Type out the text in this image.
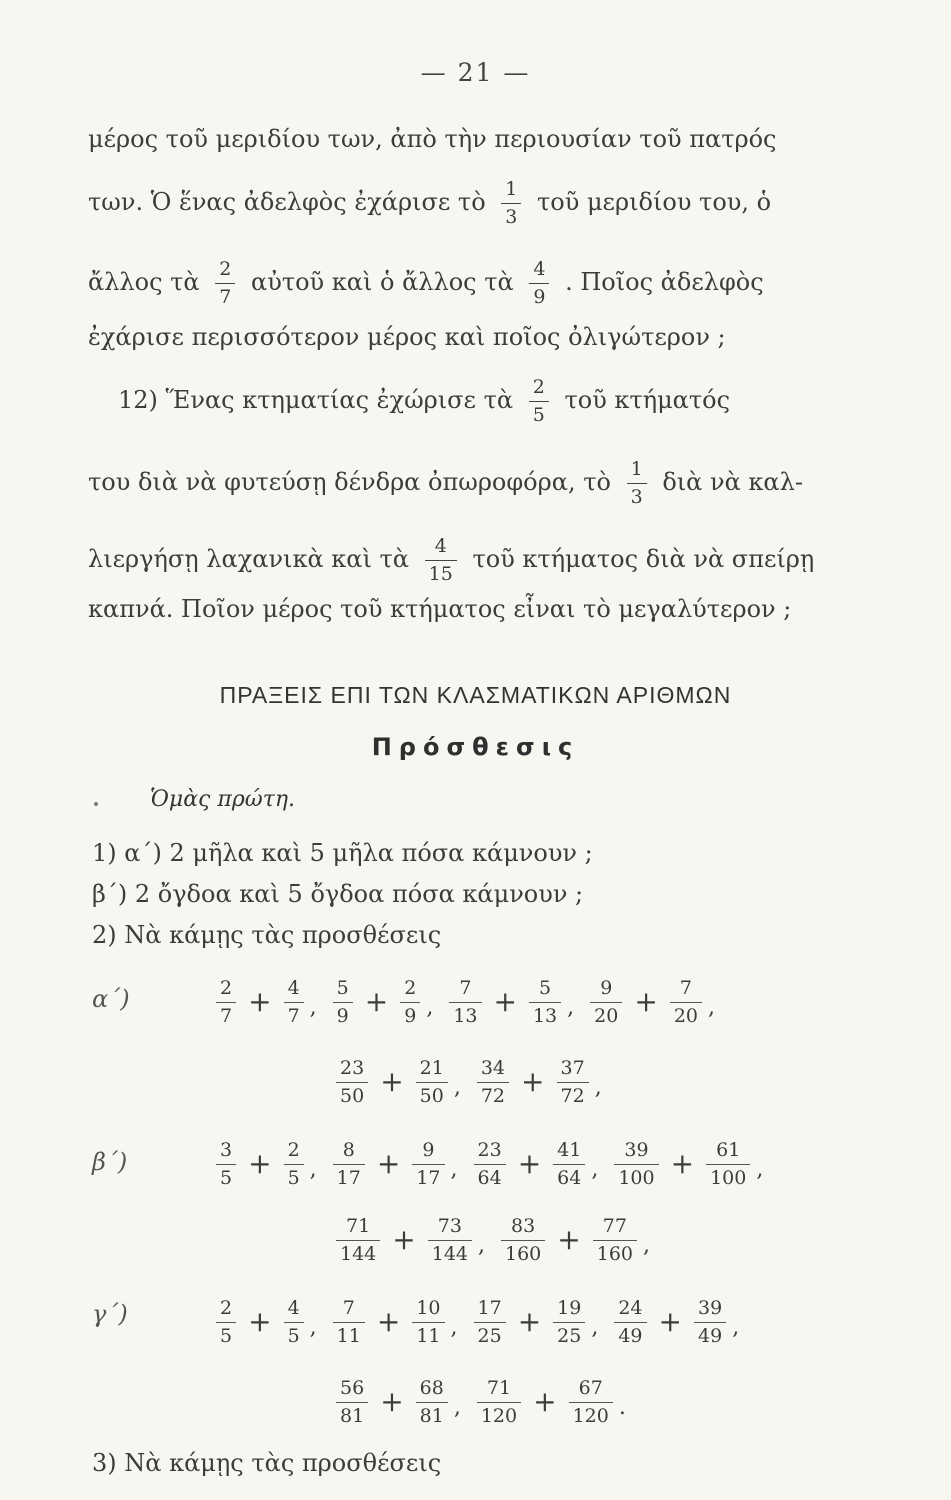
— 21 —
μέρος τοῦ μεριδίου των, ἀπὸ τὴν περιουσίαν τοῦ πατρός
των. Ὁ ἕνας ἀδελφὸς ἐχάρισε τὸ $\frac{1}{3}$ τοῦ μεριδίου του, ὁ
ἄλλος τὰ $\frac{2}{7}$ αὐτοῦ καὶ ὁ ἄλλος τὰ $\frac{4}{9}$ . Ποῖος ἀδελφὸς
ἐχάρισε περισσότερον μέρος καὶ ποῖος ὀλιγώτερον ;
12) Ἕνας κτηματίας ἐχώρισε τὰ $\frac{2}{5}$ τοῦ κτήματός
του διὰ νὰ φυτεύσῃ δένδρα ὀπωροφόρα, τὸ $\frac{1}{3}$ διὰ νὰ καλ-
λιεργήσῃ λαχανικὰ καὶ τὰ $\frac{4}{15}$ τοῦ κτήματος διὰ νὰ σπείρῃ
καπνά. Ποῖον μέρος τοῦ κτήματος εἶναι τὸ μεγαλύτερον ;
ΠΡΑΞΕΙΣ ΕΠΙ ΤΩΝ ΚΛΑΣΜΑΤΙΚΩΝ ΑΡΙΘΜΩΝ
Πρόσθεσις
Ὁμὰς πρώτη.
1) α΄) 2 μῆλα καὶ 5 μῆλα πόσα κάμνουν ;
β΄) 2 ὄγδοα καὶ 5 ὄγδοα πόσα κάμνουν ;
2) Νὰ κάμῃς τὰς προσθέσεις
α΄)	$\frac{2}{7} + \frac{4}{7}$ , $\frac{5}{9} + \frac{2}{9}$ , $\frac{7}{13} + \frac{5}{13}$ , $\frac{9}{20} + \frac{7}{20}$ ,
$\frac{23}{50} + \frac{21}{50}$ , $\frac{34}{72} + \frac{37}{72}$ ,
β΄)	$\frac{3}{5} + \frac{2}{5}$ , $\frac{8}{17} + \frac{9}{17}$ , $\frac{23}{64} + \frac{41}{64}$ , $\frac{39}{100} + \frac{61}{100}$ ,
$\frac{71}{144} + \frac{73}{144}$ , $\frac{83}{160} + \frac{77}{160}$ ,
γ΄)	$\frac{2}{5} + \frac{4}{5}$ , $\frac{7}{11} + \frac{10}{11}$ , $\frac{17}{25} + \frac{19}{25}$ , $\frac{24}{49} + \frac{39}{49}$ ,
$\frac{56}{81} + \frac{68}{81}$ , $\frac{71}{120} + \frac{67}{120}$ .
3) Νὰ κάμῃς τὰς προσθέσεις
